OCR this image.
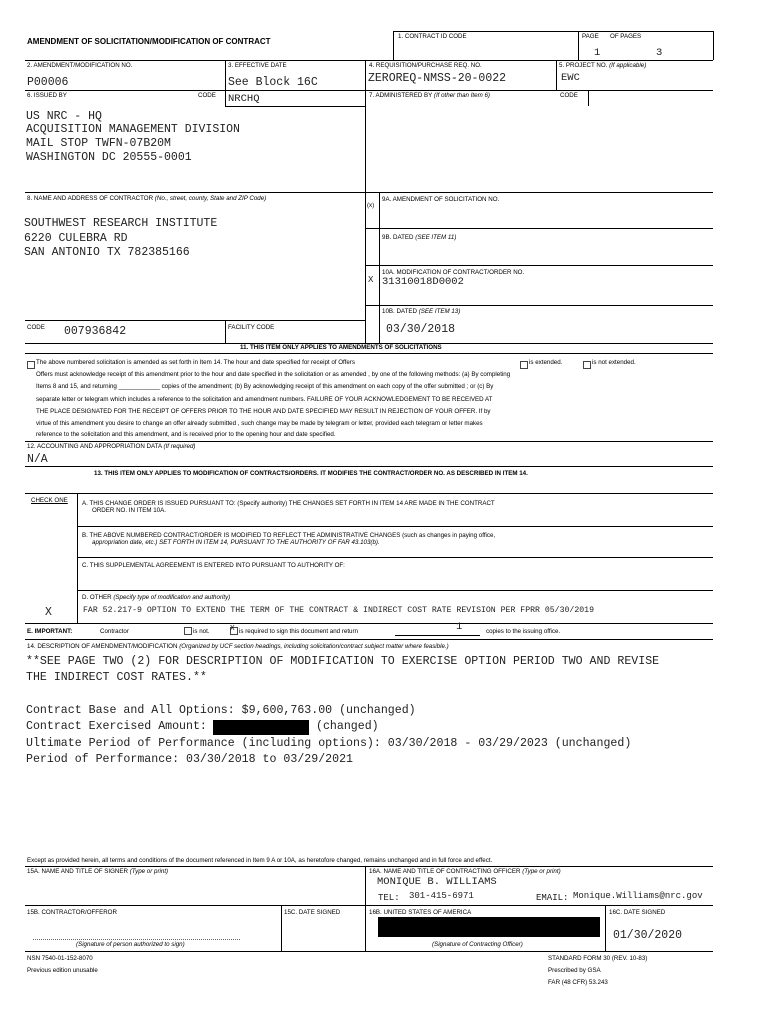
AMENDMENT OF SOLICITATION/MODIFICATION OF CONTRACT
1. CONTRACT ID CODE	PAGE OF PAGES
1	3
2. AMENDMENT/MODIFICATION NO.
P00006
3. EFFECTIVE DATE
See Block 16C
4. REQUISITION/PURCHASE REQ. NO.
ZEROREQ-NMSS-20-0022
5. PROJECT NO. (If applicable)
EWC
6. ISSUED BY	CODE NRCHQ	7. ADMINISTERED BY (If other than Item 6)	CODE
US NRC - HQ
ACQUISITION MANAGEMENT DIVISION
MAIL STOP TWFN-07B20M
WASHINGTON DC 20555-0001
8. NAME AND ADDRESS OF CONTRACTOR (No., street, county, State and ZIP Code)
SOUTHWEST RESEARCH INSTITUTE
6220 CULEBRA RD
SAN ANTONIO TX 782385166
(x)
9A. AMENDMENT OF SOLICITATION NO.
9B. DATED (SEE ITEM 11)
X
10A. MODIFICATION OF CONTRACT/ORDER NO.
31310018D0002
10B. DATED (SEE ITEM 13)
03/30/2018
CODE 007936842	FACILITY CODE
11. THIS ITEM ONLY APPLIES TO AMENDMENTS OF SOLICITATIONS
The above numbered solicitation is amended as set forth in Item 14. The hour and date specified for receipt of Offers	is extended.	is not extended.
Offers must acknowledge receipt of this amendment prior to the hour and date specified in the solicitation or as amended , by one of the following methods: (a) By completing
Items 8 and 15, and returning ____________ copies of the amendment; (b) By acknowledging receipt of this amendment on each copy of the offer submitted ; or (c) By
separate letter or telegram which includes a reference to the solicitation and amendment numbers. FAILURE OF YOUR ACKNOWLEDGEMENT TO BE RECEIVED AT
THE PLACE DESIGNATED FOR THE RECEIPT OF OFFERS PRIOR TO THE HOUR AND DATE SPECIFIED MAY RESULT IN REJECTION OF YOUR OFFER. If by
virtue of this amendment you desire to change an offer already submitted , such change may be made by telegram or letter, provided each telegram or letter makes
reference to the solicitation and this amendment, and is received prior to the opening hour and date specified.
12. ACCOUNTING AND APPROPRIATION DATA (If required)
N/A
13. THIS ITEM ONLY APPLIES TO MODIFICATION OF CONTRACTS/ORDERS. IT MODIFIES THE CONTRACT/ORDER NO. AS DESCRIBED IN ITEM 14.
CHECK ONE A. THIS CHANGE ORDER IS ISSUED PURSUANT TO: (Specify authority) THE CHANGES SET FORTH IN ITEM 14 ARE MADE IN THE CONTRACT
ORDER NO. IN ITEM 10A.
B. THE ABOVE NUMBERED CONTRACT/ORDER IS MODIFIED TO REFLECT THE ADMINISTRATIVE CHANGES (such as changes in paying office,
appropriation date, etc.) SET FORTH IN ITEM 14, PURSUANT TO THE AUTHORITY OF FAR 43.103(b).
C. THIS SUPPLEMENTAL AGREEMENT IS ENTERED INTO PURSUANT TO AUTHORITY OF:
D. OTHER (Specify type of modification and authority)
X	FAR 52.217-9 OPTION TO EXTEND THE TERM OF THE CONTRACT & INDIRECT COST RATE REVISION PER FPRR 05/30/2019
E. IMPORTANT:	Contractor	is not.	X is required to sign this document and return	1	copies to the issuing office.
14. DESCRIPTION OF AMENDMENT/MODIFICATION (Organized by UCF section headings, including solicitation/contract subject matter where feasible.)
**SEE PAGE TWO (2) FOR DESCRIPTION OF MODIFICATION TO EXERCISE OPTION PERIOD TWO AND REVISE
THE INDIRECT COST RATES.**
Contract Base and All Options: $9,600,763.00 (unchanged)
Contract Exercised Amount:	(changed)
Ultimate Period of Performance (including options): 03/30/2018 - 03/29/2023 (unchanged)
Period of Performance: 03/30/2018 to 03/29/2021
Except as provided herein, all terms and conditions of the document referenced in Item 9 A or 10A, as heretofore changed, remains unchanged and in full force and effect.
15A. NAME AND TITLE OF SIGNER (Type or print)	16A. NAME AND TITLE OF CONTRACTING OFFICER (Type or print)
MONIQUE B. WILLIAMS
TEL: 301-415-6971	EMAIL: Monique.Williams@nrc.gov
15B. CONTRACTOR/OFFEROR	15C. DATE SIGNED	16B. UNITED STATES OF AMERICA	16C. DATE SIGNED
01/30/2020
(Signature of person authorized to sign)	(Signature of Contracting Officer)
NSN 7540-01-152-8070
Previous edition unusable
STANDARD FORM 30 (REV. 10-83)
Prescribed by GSA
FAR (48 CFR) 53.243
